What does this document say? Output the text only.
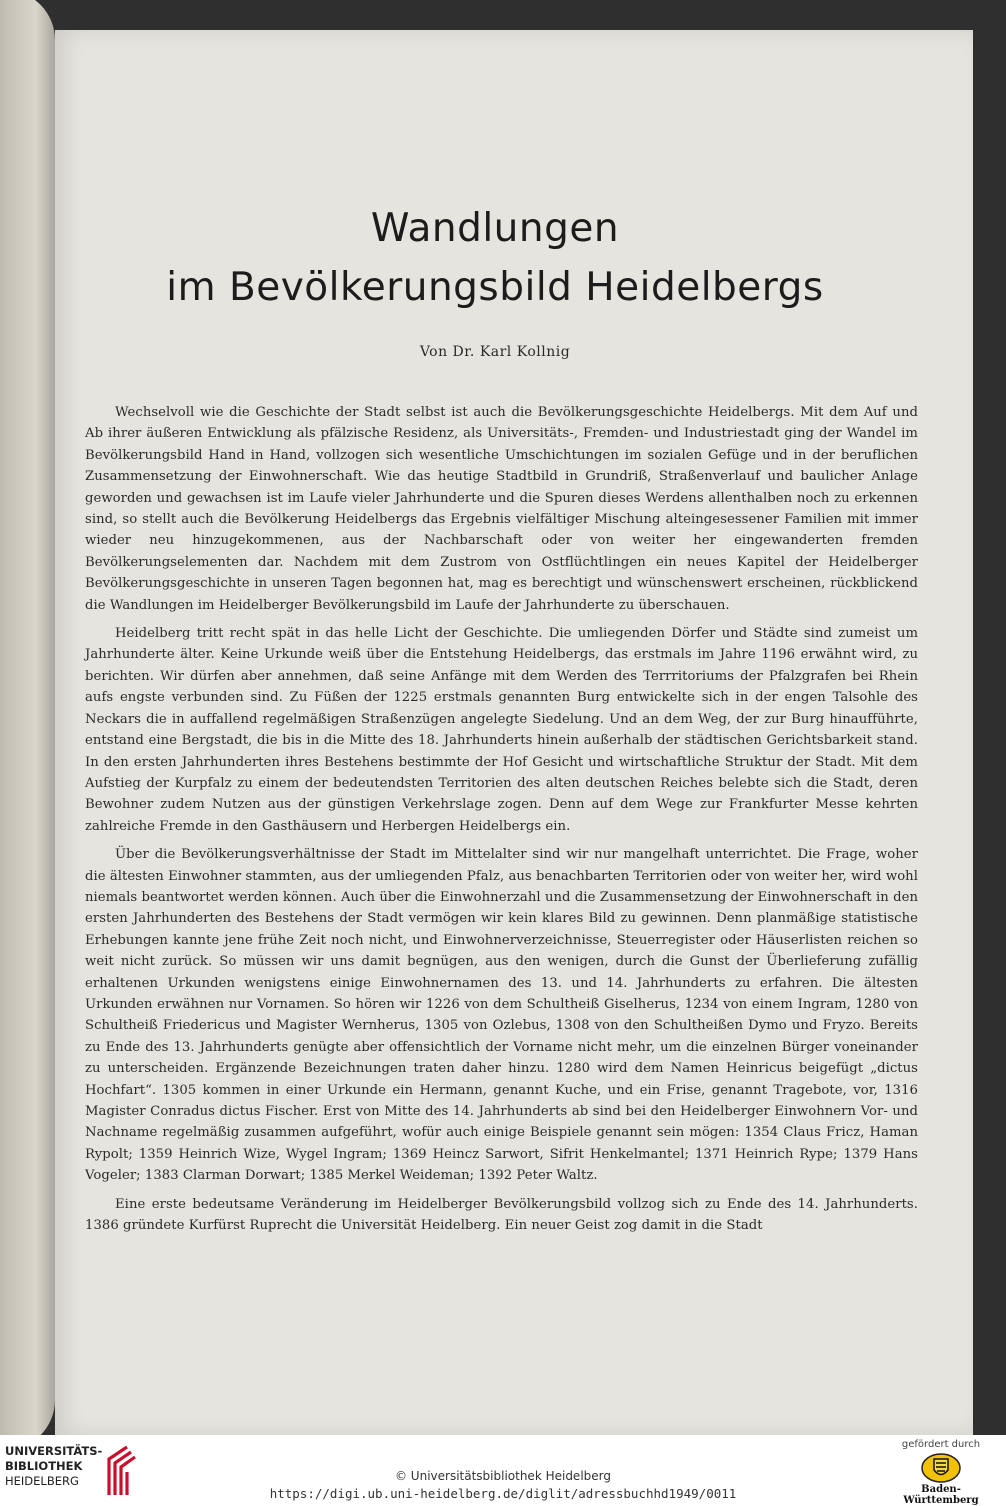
Wandlungen
im Bevölkerungsbild Heidelbergs
Von Dr. Karl Kollnig

Wechselvoll wie die Geschichte der Stadt selbst ist auch die Bevölkerungsgeschichte Heidelbergs. Mit dem Auf und Ab ihrer äußeren Entwicklung als pfälzische Residenz, als Universitäts-, Fremden- und Industriestadt ging der Wandel im Bevölkerungsbild Hand in Hand, vollzogen sich wesentliche Umschichtungen im sozialen Gefüge und in der beruflichen Zusammensetzung der Einwohnerschaft. Wie das heutige Stadtbild in Grundriß, Straßenverlauf und baulicher Anlage geworden und gewachsen ist im Laufe vieler Jahrhunderte und die Spuren dieses Werdens allenthalben noch zu erkennen sind, so stellt auch die Bevölkerung Heidelbergs das Ergebnis vielfältiger Mischung alteingesessener Familien mit immer wieder neu hinzugekommenen, aus der Nachbarschaft oder von weiter her eingewanderten fremden Bevölkerungselementen dar. Nachdem mit dem Zustrom von Ostflüchtlingen ein neues Kapitel der Heidelberger Bevölkerungsgeschichte in unseren Tagen begonnen hat, mag es berechtigt und wünschenswert erscheinen, rückblickend die Wandlungen im Heidelberger Bevölkerungsbild im Laufe der Jahrhunderte zu überschauen.

Heidelberg tritt recht spät in das helle Licht der Geschichte. Die umliegenden Dörfer und Städte sind zumeist um Jahrhunderte älter. Keine Urkunde weiß über die Entstehung Heidelbergs, das erstmals im Jahre 1196 erwähnt wird, zu berichten. Wir dürfen aber annehmen, daß seine Anfänge mit dem Werden des Terrritoriums der Pfalzgrafen bei Rhein aufs engste verbunden sind. Zu Füßen der 1225 erstmals genannten Burg entwickelte sich in der engen Talsohle des Neckars die in auffallend regelmäßigen Straßenzügen angelegte Siedelung. Und an dem Weg, der zur Burg hinaufführte, entstand eine Bergstadt, die bis in die Mitte des 18. Jahrhunderts hinein außerhalb der städtischen Gerichtsbarkeit stand. In den ersten Jahrhunderten ihres Bestehens bestimmte der Hof Gesicht und wirtschaftliche Struktur der Stadt. Mit dem Aufstieg der Kurpfalz zu einem der bedeutendsten Territorien des alten deutschen Reiches belebte sich die Stadt, deren Bewohner zudem Nutzen aus der günstigen Verkehrslage zogen. Denn auf dem Wege zur Frankfurter Messe kehrten zahlreiche Fremde in den Gasthäusern und Herbergen Heidelbergs ein.

Über die Bevölkerungsverhältnisse der Stadt im Mittelalter sind wir nur mangelhaft unterrichtet. Die Frage, woher die ältesten Einwohner stammten, aus der umliegenden Pfalz, aus benachbarten Territorien oder von weiter her, wird wohl niemals beantwortet werden können. Auch über die Einwohnerzahl und die Zusammensetzung der Einwohnerschaft in den ersten Jahrhunderten des Bestehens der Stadt vermögen wir kein klares Bild zu gewinnen. Denn planmäßige statistische Erhebungen kannte jene frühe Zeit noch nicht, und Einwohnerverzeichnisse, Steuerregister oder Häuserlisten reichen so weit nicht zurück. So müssen wir uns damit begnügen, aus den wenigen, durch die Gunst der Überlieferung zufällig erhaltenen Urkunden wenigstens einige Einwohnernamen des 13. und 14. Jahrhunderts zu erfahren. Die ältesten Urkunden erwähnen nur Vornamen. So hören wir 1226 von dem Schultheiß Giselherus, 1234 von einem Ingram, 1280 von Schultheiß Friedericus und Magister Wernherus, 1305 von Ozlebus, 1308 von den Schultheißen Dymo und Fryzo. Bereits zu Ende des 13. Jahrhunderts genügte aber offensichtlich der Vorname nicht mehr, um die einzelnen Bürger voneinander zu unterscheiden. Ergänzende Bezeichnungen traten daher hinzu. 1280 wird dem Namen Heinricus beigefügt „dictus Hochfart“. 1305 kommen in einer Urkunde ein Hermann, genannt Kuche, und ein Frise, genannt Tragebote, vor, 1316 Magister Conradus dictus Fischer. Erst von Mitte des 14. Jahrhunderts ab sind bei den Heidelberger Einwohnern Vor- und Nachname regelmäßig zusammen aufgeführt, wofür auch einige Beispiele genannt sein mögen: 1354 Claus Fricz, Haman Rypolt; 1359 Heinrich Wize, Wygel Ingram; 1369 Heincz Sarwort, Sifrit Henkelmantel; 1371 Heinrich Rype; 1379 Hans Vogeler; 1383 Clarman Dorwart; 1385 Merkel Weideman; 1392 Peter Waltz.

Eine erste bedeutsame Veränderung im Heidelberger Bevölkerungsbild vollzog sich zu Ende des 14. Jahrhunderts. 1386 gründete Kurfürst Ruprecht die Universität Heidelberg. Ein neuer Geist zog damit in die Stadt

UNIVERSITÄTS-
BIBLIOTHEK
HEIDELBERG	© Universitätsbibliothek Heidelberg
https://digi.ub.uni-heidelberg.de/diglit/adressbuchhd1949/0011
gefördert durch
Baden-Württemberg
